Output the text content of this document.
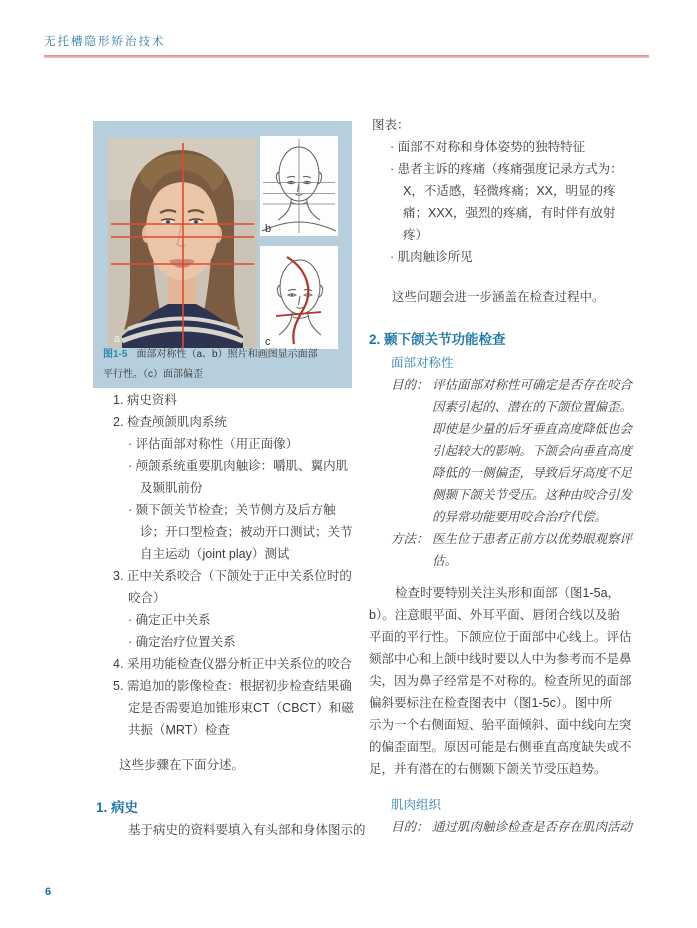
无托槽隐形矫治技术
a
b
c
图1-5 面部对称性（a、b）照片和画图显示面部
平行性。（c）面部偏歪
1. 病史资料
2. 检查颅颌肌肉系统
· 评估面部对称性（用正面像）
· 颅颌系统重要肌肉触诊：嚼肌、翼内肌
及颞肌前份
· 颞下颌关节检查；关节侧方及后方触
诊；开口型检查；被动开口测试；关节
自主运动（joint play）测试
3. 正中关系咬合（下颌处于正中关系位时的
咬合）
· 确定正中关系
· 确定治疗位置关系
4. 采用功能检查仪器分析正中关系位的咬合
5. 需追加的影像检查：根据初步检查结果确
定是否需要追加锥形束CT（CBCT）和磁
共振（MRT）检查
这些步骤在下面分述。
1. 病史
基于病史的资料要填入有头部和身体图示的
图表：
· 面部不对称和身体姿势的独特特征
· 患者主诉的疼痛（疼痛强度记录方式为：
X，不适感，轻微疼痛；XX，明显的疼
痛；XXX，强烈的疼痛，有时伴有放射
疼）
· 肌肉触诊所见
这些问题会进一步涵盖在检查过程中。
2. 颞下颌关节功能检查
面部对称性
目的： 评估面部对称性可确定是否存在咬合
因素引起的、潜在的下颌位置偏歪。
即使是少量的后牙垂直高度降低也会
引起较大的影响。下颌会向垂直高度
降低的一侧偏歪，导致后牙高度不足
侧颞下颌关节受压。这种由咬合引发
的异常功能要用咬合治疗代偿。
方法： 医生位于患者正前方以优势眼观察评
估。
检查时要特别关注头形和面部（图1-5a，
b）。注意眼平面、外耳平面、唇闭合线以及骀
平面的平行性。下颌应位于面部中心线上。评估
颏部中心和上颌中线时要以人中为参考而不是鼻
尖，因为鼻子经常是不对称的。检查所见的面部
偏斜要标注在检查图表中（图1-5c）。图中所
示为一个右侧面短、骀平面倾斜、面中线向左突
的偏歪面型。原因可能是右侧垂直高度缺失或不
足，并有潜在的右侧颞下颌关节受压趋势。
肌肉组织
目的： 通过肌肉触诊检查是否存在肌肉活动
6
